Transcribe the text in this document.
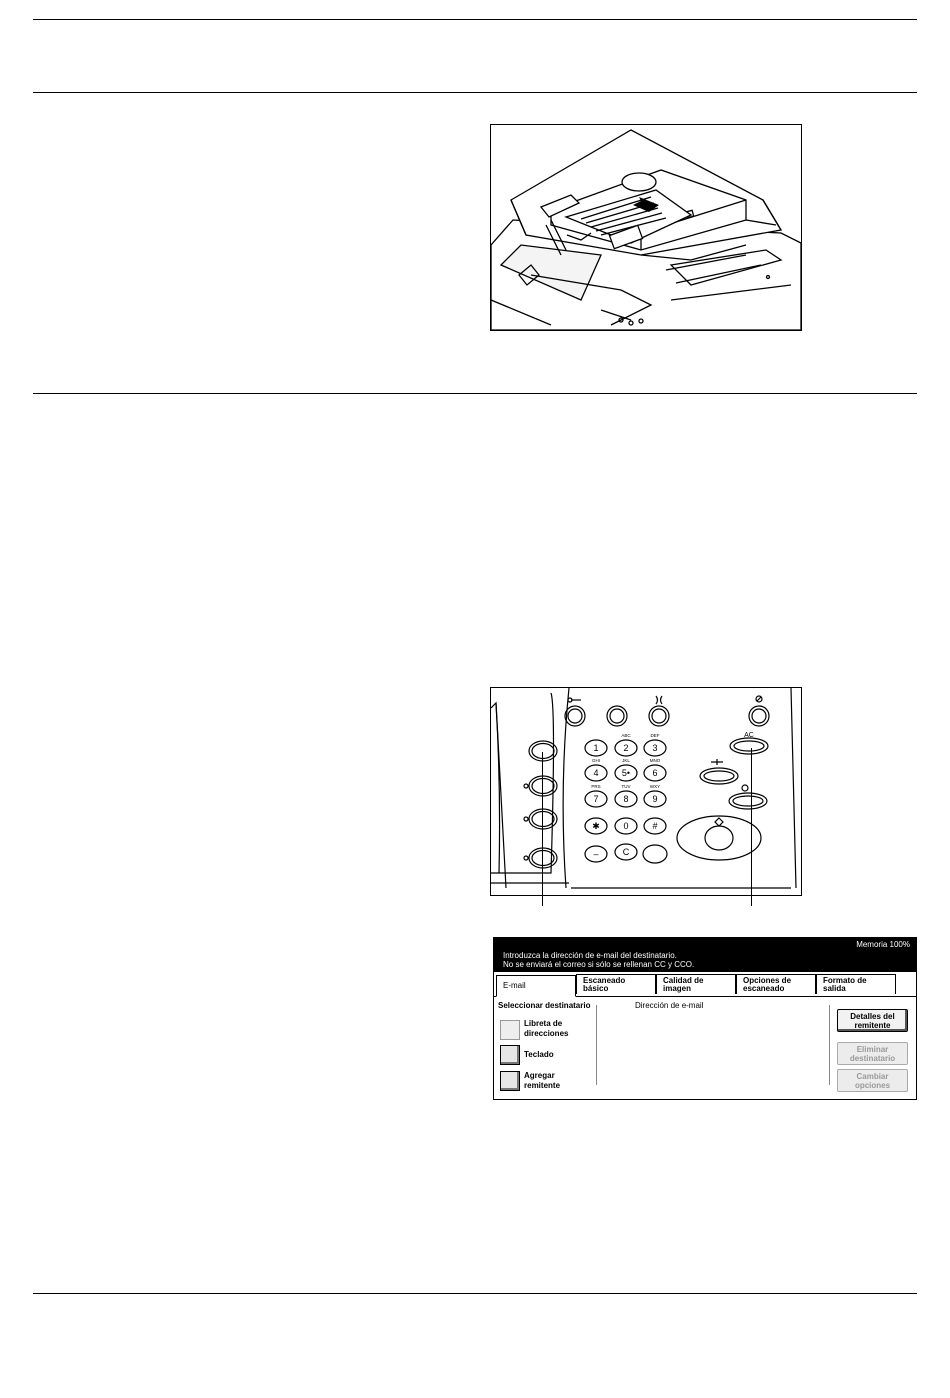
1	2	3
4	5• 6
7	8	9
✱	0	#
–	C
AC
ABC	DEF
GHI	JKL	MNO
PRS	TUV	WXY
Introduzca la dirección de e-mail del destinatario.
No se enviará el correo si sólo se rellenan CC y CCO.
Memoria 100%
E-mail
Escaneado
básico
Calidad de
imagen
Opciones de
escaneado
Formato de
salida
Seleccionar destinatario	Dirección de e-mail
Libreta de
direcciones
Teclado
Agregar
remitente
Detalles del
remitente
Eliminar
destinatario
Cambiar
opciones
